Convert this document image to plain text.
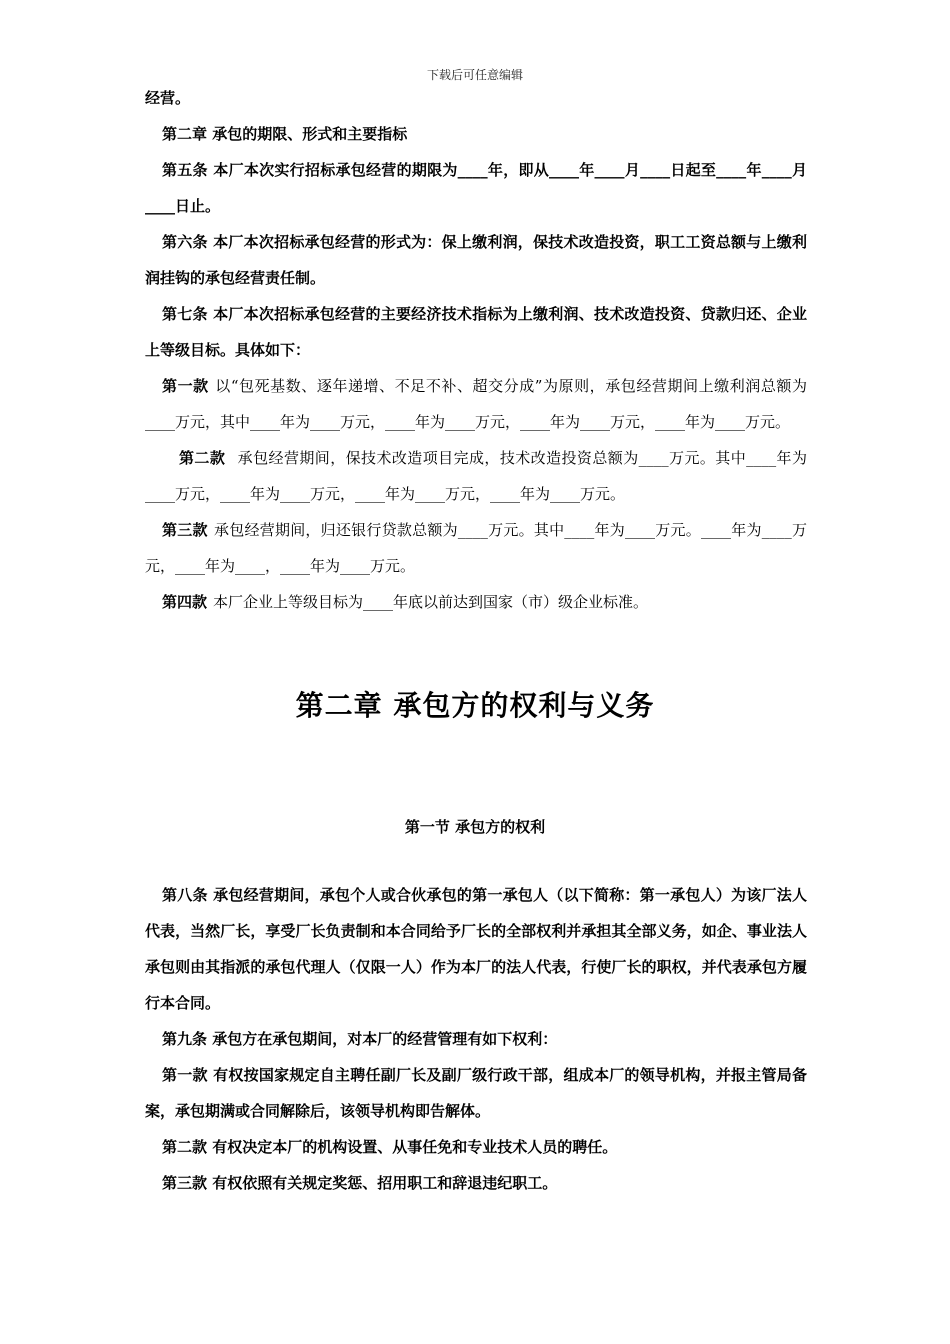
下载后可任意编辑

经营。

第二章 承包的期限、形式和主要指标

第五条 本厂本次实行招标承包经营的期限为____年，即从____年____月____日起至____年____月____日止。

第六条 本厂本次招标承包经营的形式为：保上缴利润，保技术改造投资，职工工资总额与上缴利润挂钩的承包经营责任制。

第七条 本厂本次招标承包经营的主要经济技术指标为上缴利润、技术改造投资、贷款归还、企业上等级目标。具体如下：

第一款 以“包死基数、逐年递增、不足不补、超交分成”为原则，承包经营期间上缴利润总额为____万元，其中____年为____万元，____年为____万元，____年为____万元，____年为____万元。

第二款 承包经营期间，保技术改造项目完成，技术改造投资总额为____万元。其中____年为____万元，____年为____万元，____年为____万元，____年为____万元。

第三款 承包经营期间，归还银行贷款总额为____万元。其中____年为____万元。____年为____万元，____年为____，____年为____万元。

第四款 本厂企业上等级目标为____年底以前达到国家（市）级企业标准。

第二章 承包方的权利与义务
第一节 承包方的权利

第八条 承包经营期间，承包个人或合伙承包的第一承包人（以下简称：第一承包人）为该厂法人代表，当然厂长，享受厂长负责制和本合同给予厂长的全部权利并承担其全部义务，如企、事业法人承包则由其指派的承包代理人（仅限一人）作为本厂的法人代表，行使厂长的职权，并代表承包方履行本合同。

第九条 承包方在承包期间，对本厂的经营管理有如下权利：

第一款 有权按国家规定自主聘任副厂长及副厂级行政干部，组成本厂的领导机构，并报主管局备案，承包期满或合同解除后，该领导机构即告解体。

第二款 有权决定本厂的机构设置、从事任免和专业技术人员的聘任。

第三款 有权依照有关规定奖惩、招用职工和辞退违纪职工。
